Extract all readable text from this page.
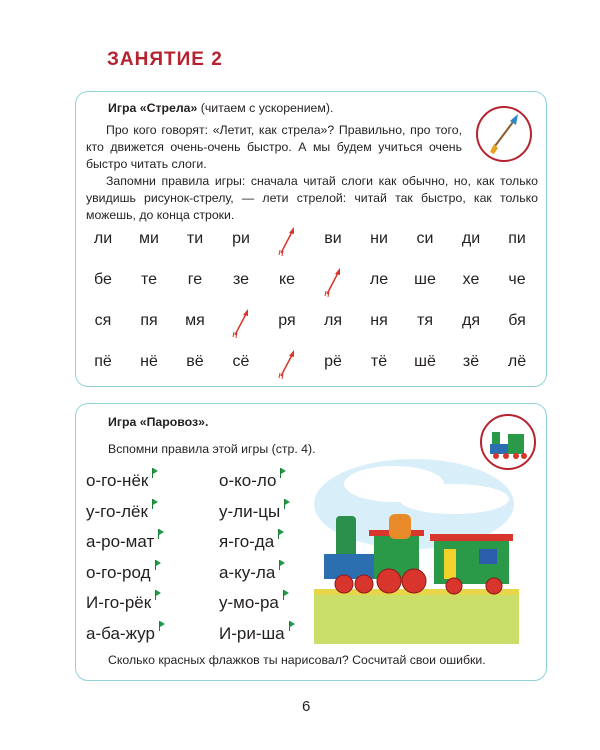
ЗАНЯТИЕ 2
Игра «Стрела» (читаем с ускорением).
Про кого говорят: «Летит, как стрела»? Правильно, про того, кто движется очень-очень быстро. А мы будем учиться очень быстро читать слоги.
Запомни правила игры: сначала читай слоги как обычно, но, как только увидишь рисунок-стрелу, — лети стрелой: читай так быстро, как только можешь, до конца строки.
ли	ми	ти	ри	ви	ни	си	ди	пи
бе	те	ге	зе	ке	ле	ше	хе	че
ся	пя	мя	ря	ля	ня	тя	дя	бя
пё	нё	вё	сё	рё	тё	шё	зё	лё
Игра «Паровоз».
Вспомни правила этой игры (стр. 4).
о-го-нёк
у-го-лёк
а-ро-мат
о-го-род
И-го-рёк
а-ба-жур
о-ко-ло
у-ли-цы
я-го-да
а-ку-ла
у-мо-ра
И-ри-ша
Сколько красных флажков ты нарисовал? Сосчитай свои ошибки.
6
